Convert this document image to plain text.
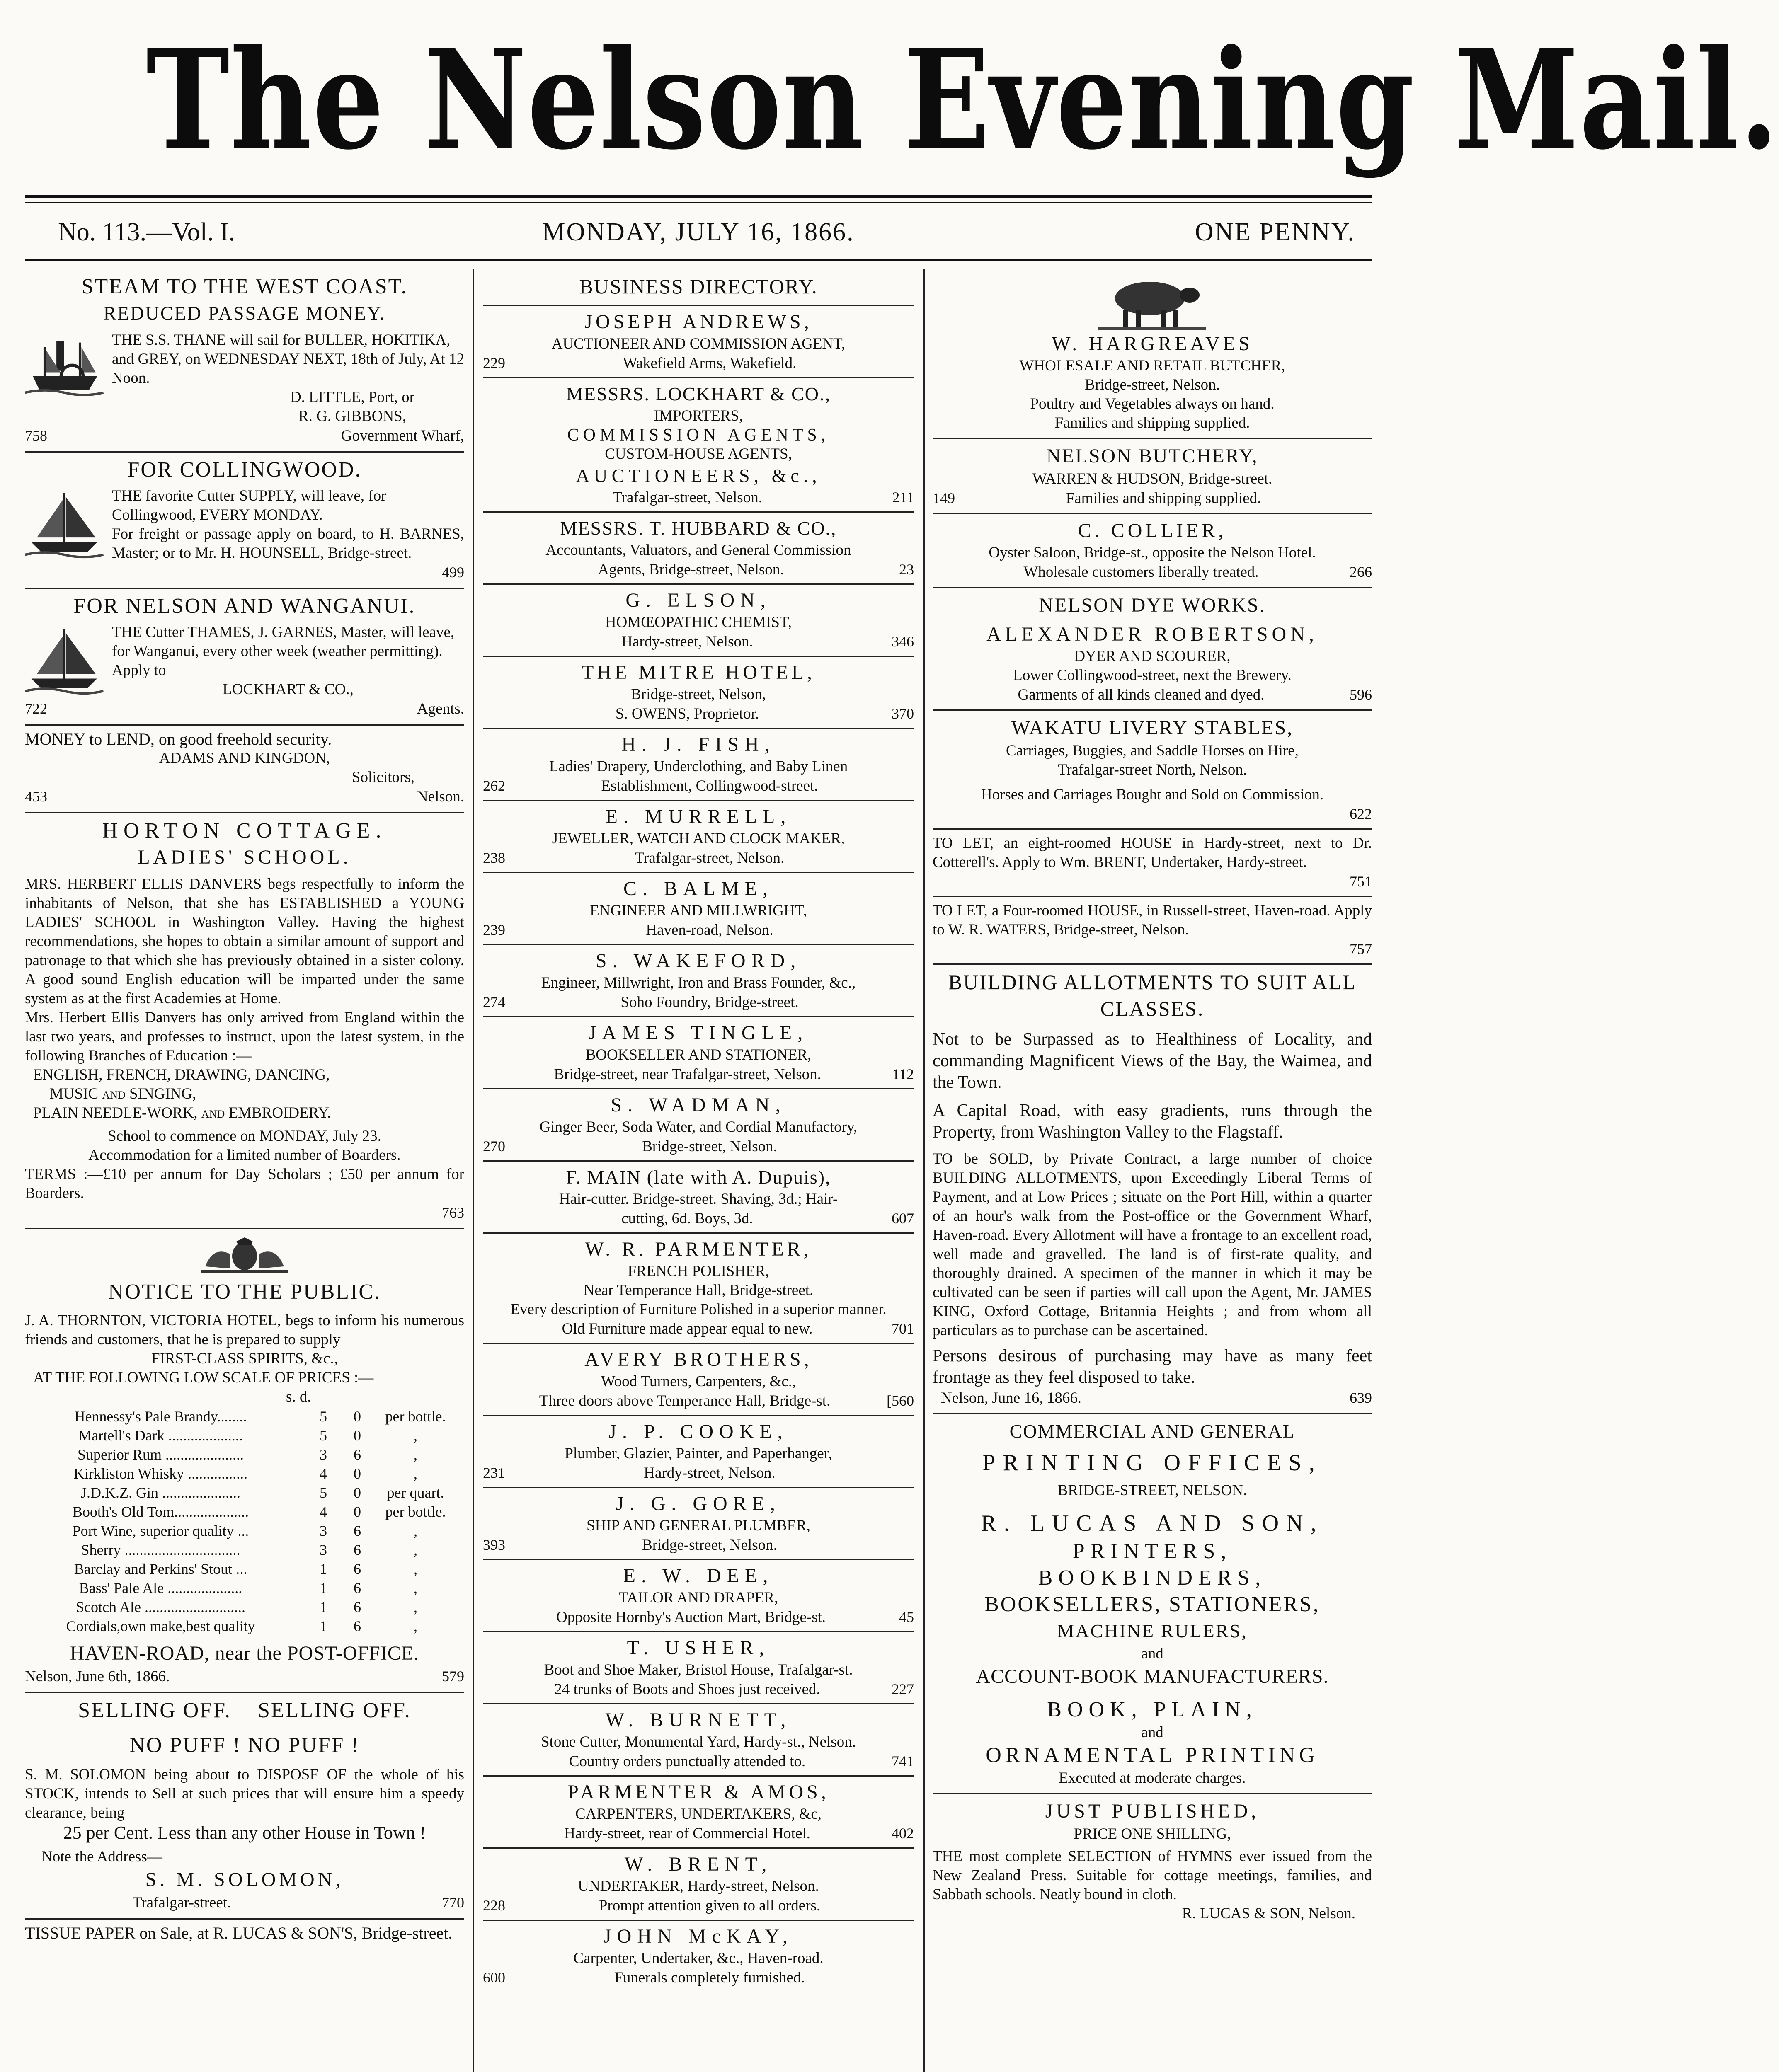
The Nelson Evening Mail.
No. 113.—Vol. I.	MONDAY, JULY 16, 1866.	ONE PENNY.
STEAM TO THE WEST COAST.
REDUCED PASSAGE MONEY.
THE S.S. THANE will sail for BULLER, HOKITIKA, and GREY, on WEDNESDAY NEXT, 18th of July, At 12 Noon.
D. LITTLE, Port, or
R. G. GIBBONS,
758	Government Wharf,
FOR COLLINGWOOD.
THE favorite Cutter SUPPLY, will leave, for Collingwood, EVERY MONDAY.
For freight or passage apply on board, to H. BARNES, Master; or to Mr. H. HOUNSELL, Bridge-street.
499
FOR NELSON AND WANGANUI.
THE Cutter THAMES, J. GARNES, Master, will leave, for Wanganui, every other week (weather permitting). Apply to
LOCKHART & CO.,
722	Agents.
MONEY to LEND, on good freehold security.
ADAMS AND KINGDON,
Solicitors,
453	Nelson.
HORTON COTTAGE.
LADIES' SCHOOL.
MRS. HERBERT ELLIS DANVERS begs respectfully to inform the inhabitants of Nelson, that she has ESTABLISHED a YOUNG LADIES' SCHOOL in Washington Valley. Having the highest recommendations, she hopes to obtain a similar amount of support and patronage to that which she has previously obtained in a sister colony. A good sound English education will be imparted under the same system as at the first Academies at Home.
Mrs. Herbert Ellis Danvers has only arrived from England within the last two years, and professes to instruct, upon the latest system, in the following Branches of Education :—
ENGLISH, FRENCH, DRAWING, DANCING,
MUSIC and SINGING,
PLAIN NEEDLE-WORK, and EMBROIDERY.
School to commence on MONDAY, July 23.
Accommodation for a limited number of Boarders.
TERMS :—£10 per annum for Day Scholars ; £50 per annum for Boarders.
763
NOTICE TO THE PUBLIC.
J. A. THORNTON, VICTORIA HOTEL, begs to inform his numerous friends and customers, that he is prepared to supply
FIRST-CLASS SPIRITS, &c.,
AT THE FOLLOWING LOW SCALE OF PRICES :—
s. d.
Hennessy's Pale Brandy........	5	0	per bottle.
Martell's Dark ....................	5	0	,
Superior Rum .....................	3	6	,
Kirkliston Whisky ................	4	0	,
J.D.K.Z. Gin .....................	5	0	per quart.
Booth's Old Tom....................	4	0	per bottle.
Port Wine, superior quality ...	3	6	,
Sherry ...............................	3	6	,
Barclay and Perkins' Stout ...	1	6	,
Bass' Pale Ale ....................	1	6	,
Scotch Ale ...........................	1	6	,
Cordials,own make,best quality	1	6	,
HAVEN-ROAD, near the POST-OFFICE.
Nelson, June 6th, 1866.	579
SELLING OFF.    SELLING OFF.
NO PUFF ! NO PUFF !
S. M. SOLOMON being about to DISPOSE OF the whole of his STOCK, intends to Sell at such prices that will ensure him a speedy clearance, being
25 per Cent. Less than any other House in Town !
Note the Address—
S. M. SOLOMON,
Trafalgar-street.	770
TISSUE PAPER on Sale, at R. LUCAS & SON'S, Bridge-street.
BUSINESS DIRECTORY.
JOSEPH ANDREWS,
AUCTIONEER AND COMMISSION AGENT,
229	Wakefield Arms, Wakefield.
MESSRS. LOCKHART & CO.,
IMPORTERS,
COMMISSION AGENTS,
CUSTOM-HOUSE AGENTS,
AUCTIONEERS, &c.,
Trafalgar-street, Nelson.	211
MESSRS. T. HUBBARD & CO.,
Accountants, Valuators, and General Commission
Agents, Bridge-street, Nelson.	23
G. ELSON,
HOMŒOPATHIC CHEMIST,
Hardy-street, Nelson.	346
THE MITRE HOTEL,
Bridge-street, Nelson,
S. OWENS, Proprietor.	370
H. J. FISH,
Ladies' Drapery, Underclothing, and Baby Linen
262	Establishment, Collingwood-street.
E. MURRELL,
JEWELLER, WATCH AND CLOCK MAKER,
238	Trafalgar-street, Nelson.
C. BALME,
ENGINEER AND MILLWRIGHT,
239	Haven-road, Nelson.
S. WAKEFORD,
Engineer, Millwright, Iron and Brass Founder, &c.,
274	Soho Foundry, Bridge-street.
JAMES TINGLE,
BOOKSELLER AND STATIONER,
Bridge-street, near Trafalgar-street, Nelson.	112
S. WADMAN,
Ginger Beer, Soda Water, and Cordial Manufactory,
270	Bridge-street, Nelson.
F. MAIN (late with A. Dupuis),
Hair-cutter. Bridge-street. Shaving, 3d.; Hair-
cutting, 6d. Boys, 3d.	607
W. R. PARMENTER,
FRENCH POLISHER,
Near Temperance Hall, Bridge-street.
Every description of Furniture Polished in a superior manner.
Old Furniture made appear equal to new.	701
AVERY BROTHERS,
Wood Turners, Carpenters, &c.,
Three doors above Temperance Hall, Bridge-st.	[560
J. P. COOKE,
Plumber, Glazier, Painter, and Paperhanger,
231	Hardy-street, Nelson.
J. G. GORE,
SHIP AND GENERAL PLUMBER,
393	Bridge-street, Nelson.
E. W. DEE,
TAILOR AND DRAPER,
Opposite Hornby's Auction Mart, Bridge-st.	45
T. USHER,
Boot and Shoe Maker, Bristol House, Trafalgar-st.
24 trunks of Boots and Shoes just received.	227
W. BURNETT,
Stone Cutter, Monumental Yard, Hardy-st., Nelson.
Country orders punctually attended to.	741
PARMENTER & AMOS,
CARPENTERS, UNDERTAKERS, &c,
Hardy-street, rear of Commercial Hotel.	402
W. BRENT,
UNDERTAKER, Hardy-street, Nelson.
228	Prompt attention given to all orders.
JOHN McKAY,
Carpenter, Undertaker, &c., Haven-road.
600	Funerals completely furnished.
W. HARGREAVES
WHOLESALE AND RETAIL BUTCHER,
Bridge-street, Nelson.
Poultry and Vegetables always on hand.
Families and shipping supplied.
NELSON BUTCHERY,
WARREN & HUDSON, Bridge-street.
149	Families and shipping supplied.
C. COLLIER,
Oyster Saloon, Bridge-st., opposite the Nelson Hotel.
Wholesale customers liberally treated.	266
NELSON DYE WORKS.
ALEXANDER ROBERTSON,
DYER AND SCOURER,
Lower Collingwood-street, next the Brewery.
Garments of all kinds cleaned and dyed.	596
WAKATU LIVERY STABLES,
Carriages, Buggies, and Saddle Horses on Hire,
Trafalgar-street North, Nelson.
Horses and Carriages Bought and Sold on Commission.
622
TO LET, an eight-roomed HOUSE in Hardy-street, next to Dr. Cotterell's. Apply to Wm. BRENT, Undertaker, Hardy-street.
751
TO LET, a Four-roomed HOUSE, in Russell-street, Haven-road. Apply to W. R. WATERS, Bridge-street, Nelson.
757
BUILDING ALLOTMENTS TO SUIT ALL CLASSES.
Not to be Surpassed as to Healthiness of Locality, and commanding Magnificent Views of the Bay, the Waimea, and the Town.
A Capital Road, with easy gradients, runs through the Property, from Washington Valley to the Flagstaff.
TO be SOLD, by Private Contract, a large number of choice BUILDING ALLOTMENTS, upon Exceedingly Liberal Terms of Payment, and at Low Prices ; situate on the Port Hill, within a quarter of an hour's walk from the Post-office or the Government Wharf, Haven-road. Every Allotment will have a frontage to an excellent road, well made and gravelled. The land is of first-rate quality, and thoroughly drained. A specimen of the manner in which it may be cultivated can be seen if parties will call upon the Agent, Mr. JAMES KING, Oxford Cottage, Britannia Heights ; and from whom all particulars as to purchase can be ascertained.
Persons desirous of purchasing may have as many feet frontage as they feel disposed to take.
Nelson, June 16, 1866.	639
COMMERCIAL AND GENERAL
PRINTING OFFICES,
BRIDGE-STREET, NELSON.
R. LUCAS AND SON,
PRINTERS,
BOOKBINDERS,
BOOKSELLERS, STATIONERS,
MACHINE RULERS,
and
ACCOUNT-BOOK MANUFACTURERS.
BOOK, PLAIN,
and
ORNAMENTAL PRINTING
Executed at moderate charges.
JUST PUBLISHED,
PRICE ONE SHILLING,
THE most complete SELECTION of HYMNS ever issued from the New Zealand Press. Suitable for cottage meetings, families, and Sabbath schools. Neatly bound in cloth.
R. LUCAS & SON, Nelson.
